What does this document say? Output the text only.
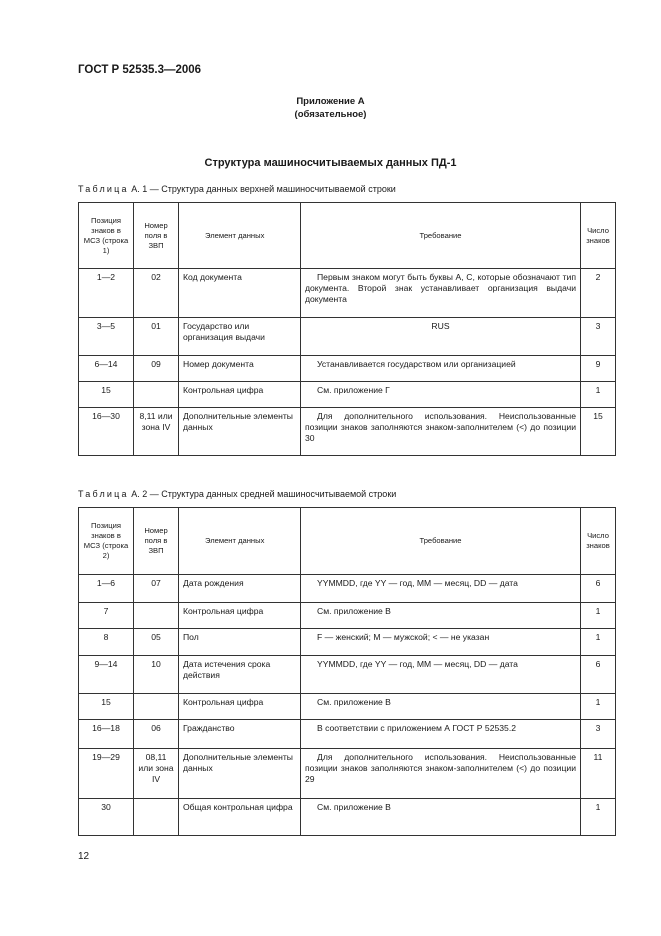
ГОСТ Р 52535.3—2006
Приложение А
(обязательное)
Структура машиносчитываемых данных ПД-1
Таблица А. 1 — Структура данных верхней машиносчитываемой строки
Позиция знаков в МСЗ (строка 1)	Номер поля в ЗВП	Элемент данных	Требование	Число знаков
1—2	02	Код документа	Первым знаком могут быть буквы А, С, которые обозначают тип документа. Второй знак устанавливает организация выдачи документа	2
3—5	01	Государство или организация выдачи	RUS	3
6—14	09	Номер документа	Устанавливается государством или организацией	9
15		Контрольная цифра	См. приложение Г	1
16—30	8,11 или зона IV	Дополнительные элементы данных	Для дополнительного использования. Неиспользованные позиции знаков заполняются знаком-заполнителем (<) до позиции 30	15
Таблица А. 2 — Структура данных средней машиносчитываемой строки
Позиция знаков в МСЗ (строка 2)	Номер поля в ЗВП	Элемент данных	Требование	Число знаков
1—6	07	Дата рождения	YYMMDD, где YY — год, MM — месяц, DD — дата	6
7		Контрольная цифра	См. приложение В	1
8	05	Пол	F — женский; М — мужской; < — не указан	1
9—14	10	Дата истечения срока действия	YYMMDD, где YY — год, MM — месяц, DD — дата	6
15		Контрольная цифра	См. приложение В	1
16—18	06	Гражданство	В соответствии с приложением А ГОСТ Р 52535.2	3
19—29	08,11 или зона IV	Дополнительные элементы данных	Для дополнительного использования. Неиспользованные позиции знаков заполняются знаком-заполнителем (<) до позиции 29	11
30		Общая контрольная цифра	См. приложение В	1
12
